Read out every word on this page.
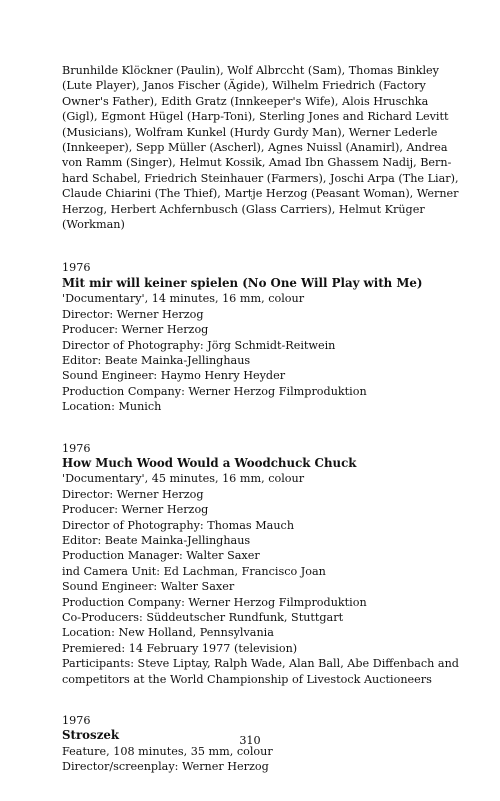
Brunhilde Klöckner (Paulin), Wolf Albrccht (Sam), Thomas Binkley
(Lute Player), Janos Fischer (Ägide), Wilhelm Friedrich (Factory
Owner's Father), Edith Gratz (Innkeeper's Wife), Alois Hruschka
(Gigl), Egmont Hügel (Harp-Toni), Sterling Jones and Richard Levitt
(Musicians), Wolfram Kunkel (Hurdy Gurdy Man), Werner Lederle
(Innkeeper), Sepp Müller (Ascherl), Agnes Nuissl (Anamirl), Andrea
von Ramm (Singer), Helmut Kossik, Amad Ibn Ghassem Nadij, Bern-
hard Schabel, Friedrich Steinhauer (Farmers), Joschi Arpa (The Liar),
Claude Chiarini (The Thief), Martje Herzog (Peasant Woman), Werner
Herzog, Herbert Achfernbusch (Glass Carriers), Helmut Krüger
(Workman)
1976
Mit mir will keiner spielen (No One Will Play with Me)
'Documentary', 14 minutes, 16 mm, colour
Director: Werner Herzog
Producer: Werner Herzog
Director of Photography: Jörg Schmidt-Reitwein
Editor: Beate Mainka-Jellinghaus
Sound Engineer: Haymo Henry Heyder
Production Company: Werner Herzog Filmproduktion
Location: Munich
1976
How Much Wood Would a Woodchuck Chuck
'Documentary', 45 minutes, 16 mm, colour
Director: Werner Herzog
Producer: Werner Herzog
Director of Photography: Thomas Mauch
Editor: Beate Mainka-Jellinghaus
Production Manager: Walter Saxer
ind Camera Unit: Ed Lachman, Francisco Joan
Sound Engineer: Walter Saxer
Production Company: Werner Herzog Filmproduktion
Co-Producers: Süddeutscher Rundfunk, Stuttgart
Location: New Holland, Pennsylvania
Premiered: 14 February 1977 (television)
Participants: Steve Liptay, Ralph Wade, Alan Ball, Abe Diffenbach and
competitors at the World Championship of Livestock Auctioneers
1976
Stroszek
Feature, 108 minutes, 35 mm, colour
Director/screenplay: Werner Herzog
310
